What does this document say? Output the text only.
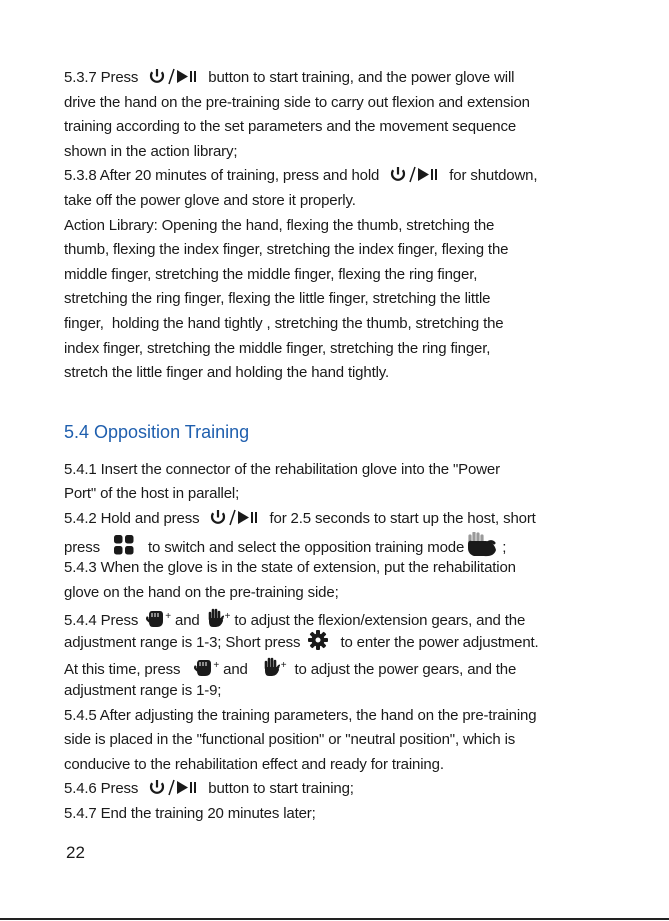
5.3.7 Press	button to start training, and the power glove will
drive the hand on the pre-training side to carry out flexion and extension
training according to the set parameters and the movement sequence
shown in the action library;
5.3.8 After 20 minutes of training, press and hold	for shutdown,
take off the power glove and store it properly.
Action Library: Opening the hand, flexing the thumb, stretching the
thumb, flexing the index finger, stretching the index finger, flexing the
middle finger, stretching the middle finger, flexing the ring finger,
stretching the ring finger, flexing the little finger, stretching the little
finger,  holding the hand tightly , stretching the thumb, stretching the
index finger, stretching the middle finger, stretching the ring finger,
stretch the little finger and holding the hand tightly.
5.4 Opposition Training
5.4.1 Insert the connector of the rehabilitation glove into the "Power
Port" of the host in parallel;
5.4.2 Hold and press	for 2.5 seconds to start up the host, short
press	to switch and select the opposition training mode	;
5.4.3 When the glove is in the state of extension, put the rehabilitation
glove on the hand on the pre-training side;
5.4.4 Press	+ and	+ to adjust the flexion/extension gears, and the
adjustment range is 1-3; Short press	to enter the power adjustment.
At this time, press	+ and	+ to adjust the power gears, and the
adjustment range is 1-9;
5.4.5 After adjusting the training parameters, the hand on the pre-training
side is placed in the "functional position" or "neutral position", which is
conducive to the rehabilitation effect and ready for training.
5.4.6 Press	button to start training;
5.4.7 End the training 20 minutes later;
22
